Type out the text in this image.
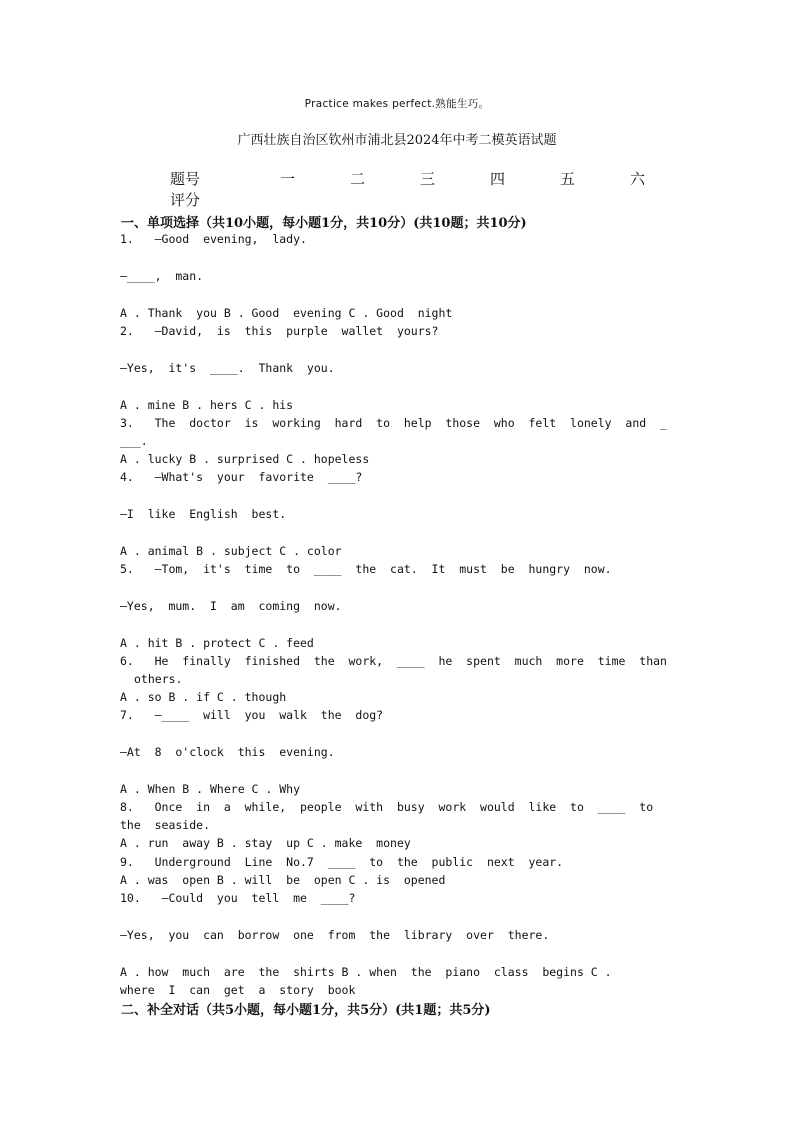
Practice makes perfect.熟能生巧。
广西壮族自治区钦州市浦北县2024年中考二模英语试题
题号	一	二	三	四	五	六
评分
一、单项选择（共10小题，每小题1分，共10分）(共10题；共10分)
1.   —Good  evening,  lady.
—____,  man.
A . Thank  you B . Good  evening C . Good  night
2.   —David,  is  this  purple  wallet  yours?
—Yes,  it's  ____.  Thank  you.
A . mine B . hers C . his
3.   The  doctor  is  working  hard  to  help  those  who  felt  lonely  and  _
___.
A . lucky B . surprised C . hopeless
4.   —What's  your  favorite  ____?
—I  like  English  best.
A . animal B . subject C . color
5.   —Tom,  it's  time  to  ____  the  cat.  It  must  be  hungry  now.
—Yes,  mum.  I  am  coming  now.
A . hit B . protect C . feed
6.   He  finally  finished  the  work,  ____  he  spent  much  more  time  than
others.
A . so B . if C . though
7.   —____  will  you  walk  the  dog?
—At  8  o'clock  this  evening.
A . When B . Where C . Why
8.   Once  in  a  while,  people  with  busy  work  would  like  to  ____  to
the  seaside.
A . run  away B . stay  up C . make  money
9.   Underground  Line  No.7  ____  to  the  public  next  year.
A . was  open B . will  be  open C . is  opened
10.   —Could  you  tell  me  ____?
—Yes,  you  can  borrow  one  from  the  library  over  there.
A . how  much  are  the  shirts B . when  the  piano  class  begins C .
where  I  can  get  a  story  book
二、补全对话（共5小题，每小题1分，共5分）(共1题；共5分)
